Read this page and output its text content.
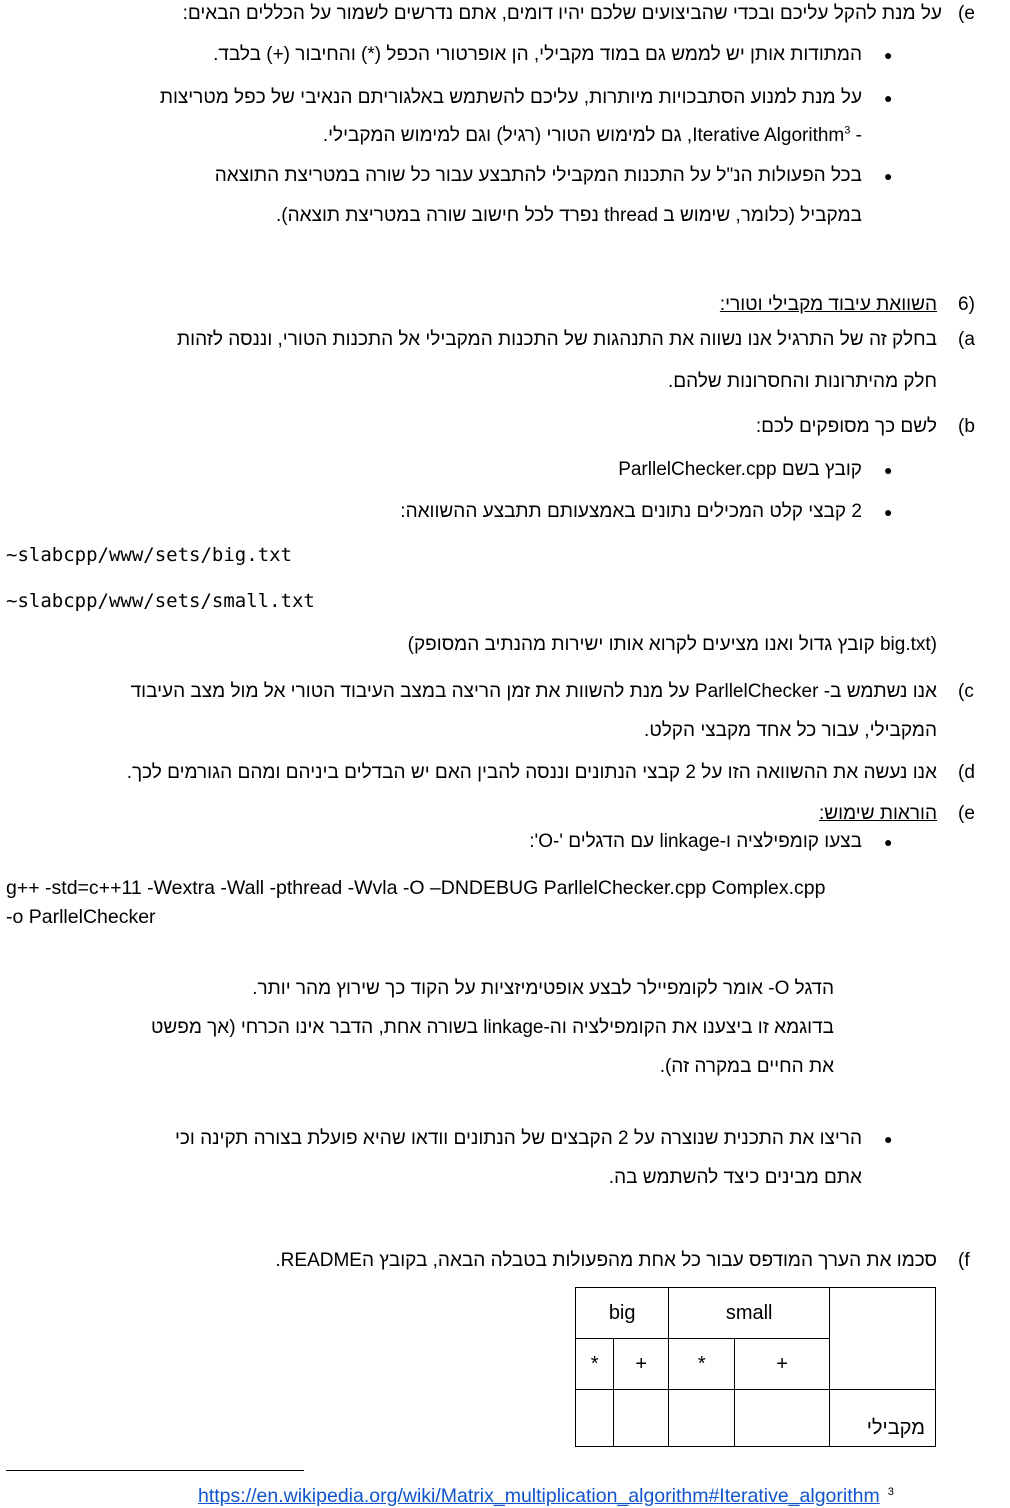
(e
על מנת להקל עליכם ובכדי שהביצועים שלכם יהיו דומים, אתם נדרשים לשמור על הכללים הבאים:
●
המתודות אותן יש לממש גם במוד מקבילי, הן אופרטורי הכפל (*) והחיבור (+) בלבד.
●
על מנת למנוע הסתבכויות מיותרות, עליכם להשתמש באלגוריתם הנאיבי של כפל מטריצות
- Iterative Algorithm$^3$, גם למימוש הטורי (רגיל) וגם למימוש המקבילי.
●
בכל הפעולות הנ"ל על התכנות המקבילי להתבצע עבור כל שורה במטריצת התוצאה
במקביל (כלומר, שימוש ב thread נפרד לכל חישוב שורה במטריצת תוצאה).
6)
השוואת עיבוד מקבילי וטורי:
(a
בחלק זה של התרגיל אנו נשווה את התנהגות של התכנות המקבילי אל התכנות הטורי, וננסה לזהות
חלק מהיתרונות והחסרונות שלהם.
(b
לשם כך מסופקים לכם:
●
קובץ בשם ParllelChecker.cpp
●
2 קבצי קלט המכילים נתונים באמצעותם תתבצע ההשוואה:
~slabcpp/www/sets/big.txt
~slabcpp/www/sets/small.txt
(big.txt קובץ גדול ואנו מציעים לקרוא אותו ישירות מהנתיב המסופק)
(c
אנו נשתמש ב- ParllelChecker על מנת להשוות את זמן הריצה במצב העיבוד הטורי אל מול מצב העיבוד
המקבילי, עבור כל אחד מקבצי הקלט.
(d
אנו נעשה את ההשוואה הזו על 2 קבצי הנתונים וננסה להבין האם יש הבדלים ביניהם ומהם הגורמים לכך.
(e
הוראות שימוש:
●
בצעו קומפילציה ו-linkage עם הדגלים '-O':
g++ -std=c++11 -Wextra -Wall -pthread -Wvla -O –DNDEBUG ParllelChecker.cpp Complex.cpp
-o ParllelChecker
הדגל O- אומר לקומפיילר לבצע אופטימיזציות על הקוד כך שירוץ מהר יותר.
בדוגמא זו ביצענו את הקומפילציה וה-linkage בשורה אחת, הדבר אינו הכרחי (אך מפשט
את החיים במקרה זה).
●
הריצו את התכנית שנוצרה על 2 הקבצים של הנתונים וודאו שהיא פועלת בצורה תקינה וכי
אתם מבינים כיצד להשתמש בה.
(f
סכמו את הערך המודפס עבור כל אחת מהפעולות בטבלה הבאה, בקובץ הREADME.
big		small		
*	+	*	+	
				מקבילי
https://en.wikipedia.org/wiki/Matrix_multiplication_algorithm#Iterative_algorithm $^3$
